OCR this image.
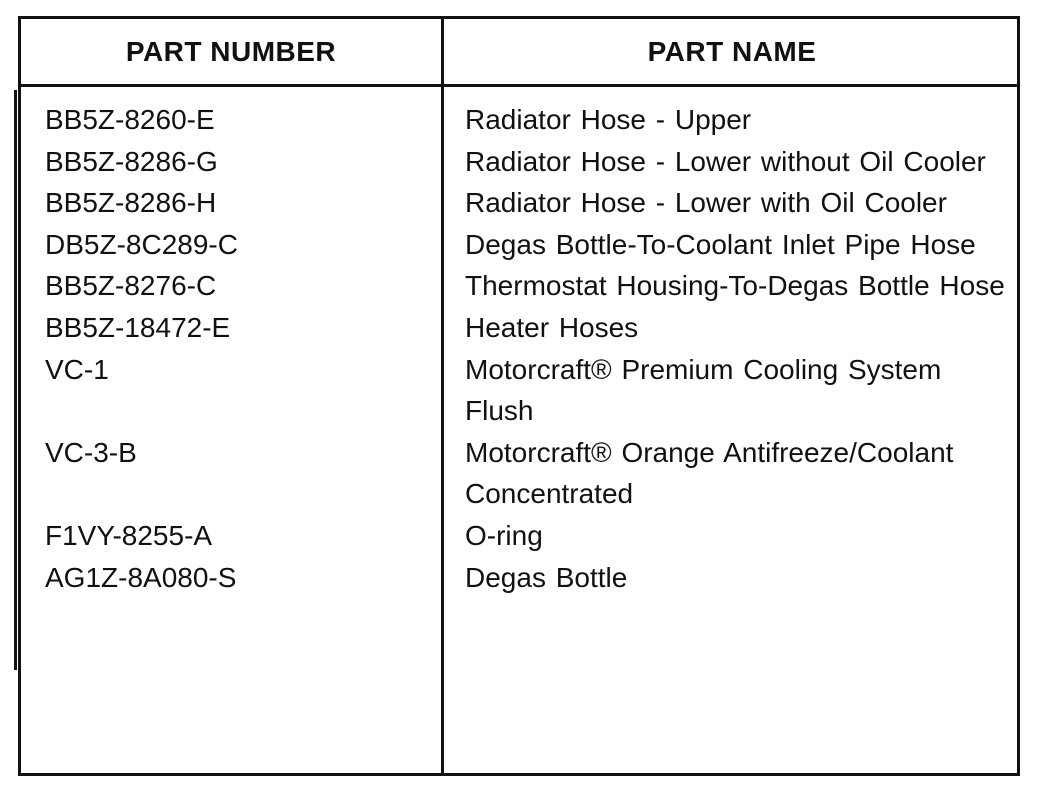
PART NUMBER	PART NAME
BB5Z-8260-E	Radiator Hose - Upper
BB5Z-8286-G	Radiator Hose - Lower without Oil Cooler
BB5Z-8286-H	Radiator Hose - Lower with Oil Cooler
DB5Z-8C289-C	Degas Bottle-To-Coolant Inlet Pipe Hose
BB5Z-8276-C	Thermostat Housing-To-Degas Bottle Hose
BB5Z-18472-E	Heater Hoses
VC-1	Motorcraft® Premium Cooling System Flush
VC-3-B	Motorcraft® Orange Antifreeze/Coolant Concentrated
F1VY-8255-A	O-ring
AG1Z-8A080-S	Degas Bottle
